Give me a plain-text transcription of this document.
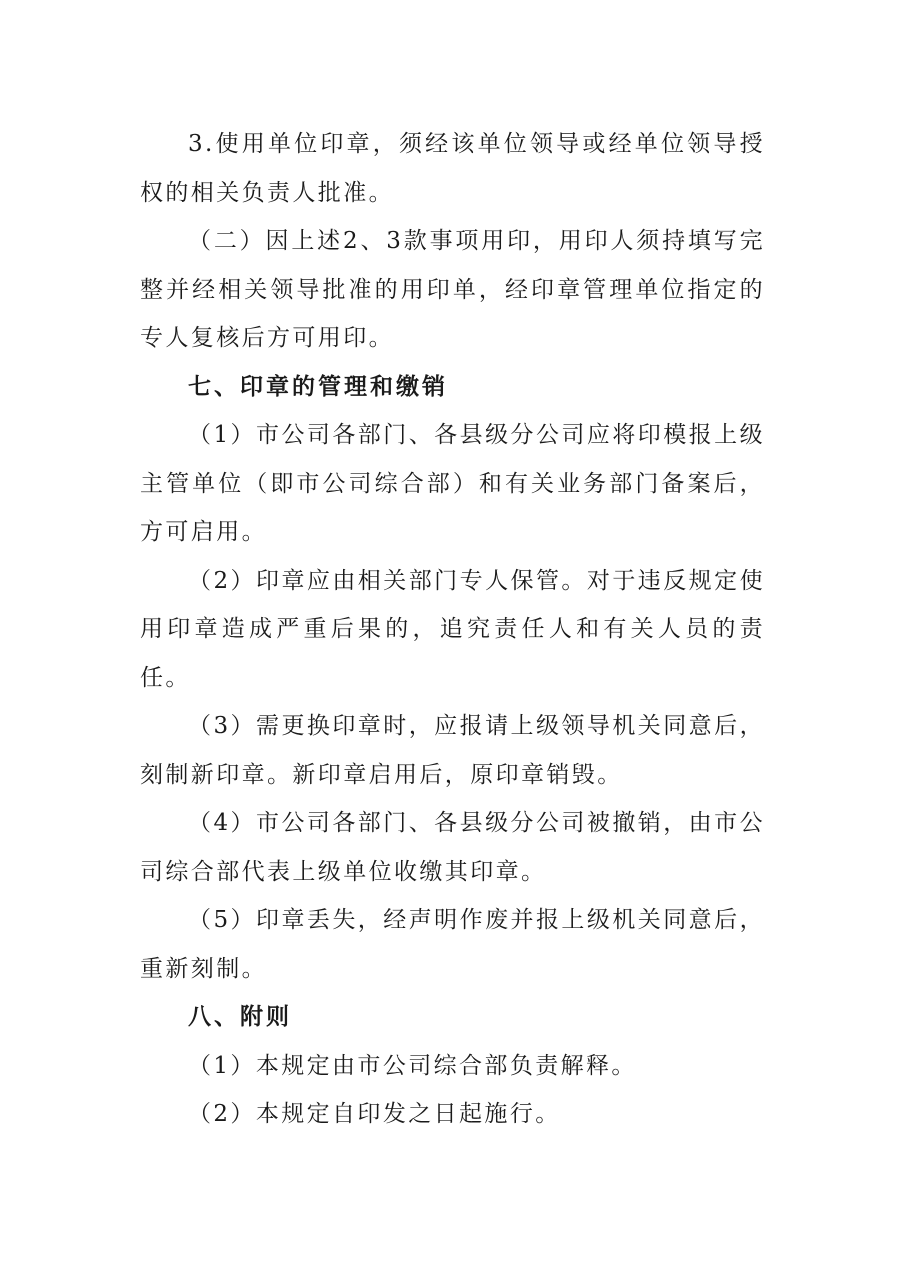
3.使用单位印章，须经该单位领导或经单位领导授权的相关负责人批准。

（二）因上述2、3款事项用印，用印人须持填写完整并经相关领导批准的用印单，经印章管理单位指定的专人复核后方可用印。

七、印章的管理和缴销

（1）市公司各部门、各县级分公司应将印模报上级主管单位（即市公司综合部）和有关业务部门备案后，方可启用。

（2）印章应由相关部门专人保管。对于违反规定使用印章造成严重后果的，追究责任人和有关人员的责任。

（3）需更换印章时，应报请上级领导机关同意后，刻制新印章。新印章启用后，原印章销毁。

（4）市公司各部门、各县级分公司被撤销，由市公司综合部代表上级单位收缴其印章。

（5）印章丢失，经声明作废并报上级机关同意后，重新刻制。

八、附则

（1）本规定由市公司综合部负责解释。

（2）本规定自印发之日起施行。
